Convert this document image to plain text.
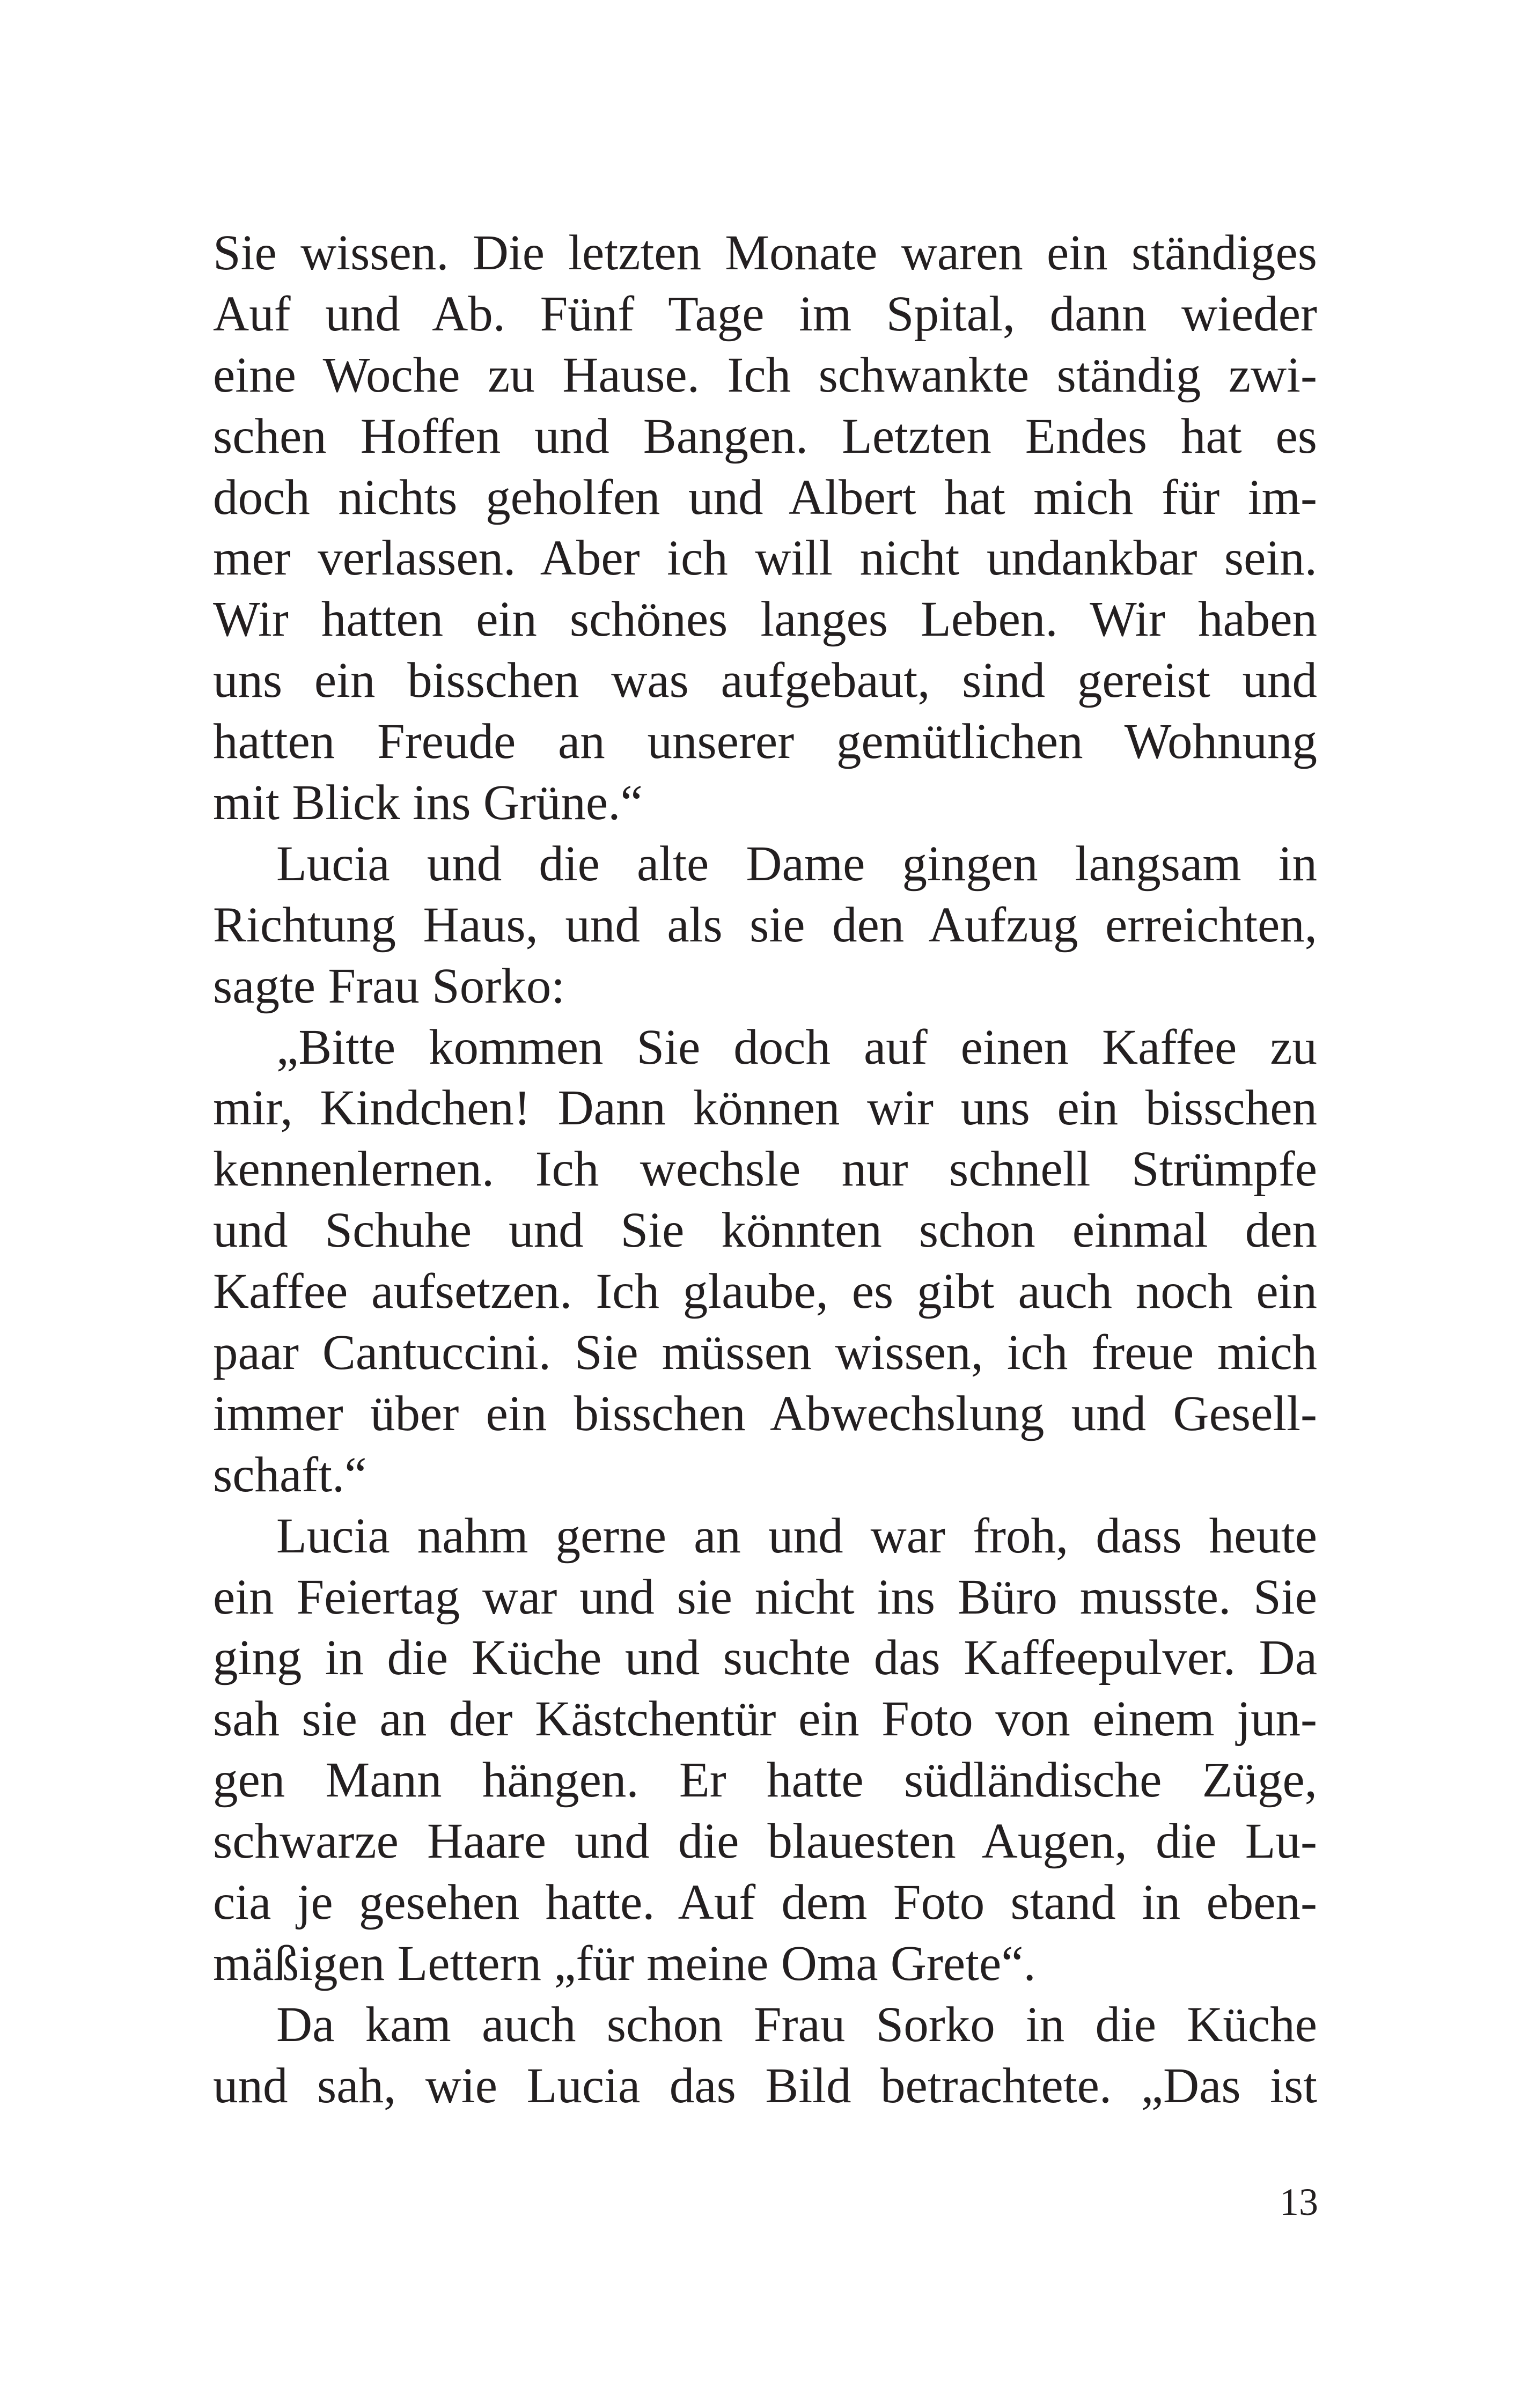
Sie wissen. Die letzten Monate waren ein ständiges
Auf und Ab. Fünf Tage im Spital, dann wieder
eine Woche zu Hause. Ich schwankte ständig zwi-
schen Hoffen und Bangen. Letzten Endes hat es
doch nichts geholfen und Albert hat mich für im-
mer verlassen. Aber ich will nicht undankbar sein.
Wir hatten ein schönes langes Leben. Wir haben
uns ein bisschen was aufgebaut, sind gereist und
hatten Freude an unserer gemütlichen Wohnung
mit Blick ins Grüne.“
Lucia und die alte Dame gingen langsam in
Richtung Haus, und als sie den Aufzug erreichten,
sagte Frau Sorko:
„Bitte kommen Sie doch auf einen Kaffee zu
mir, Kindchen! Dann können wir uns ein bisschen
kennenlernen. Ich wechsle nur schnell Strümpfe
und Schuhe und Sie könnten schon einmal den
Kaffee aufsetzen. Ich glaube, es gibt auch noch ein
paar Cantuccini. Sie müssen wissen, ich freue mich
immer über ein bisschen Abwechslung und Gesell-
schaft.“
Lucia nahm gerne an und war froh, dass heute
ein Feiertag war und sie nicht ins Büro musste. Sie
ging in die Küche und suchte das Kaffeepulver. Da
sah sie an der Kästchentür ein Foto von einem jun-
gen Mann hängen. Er hatte südländische Züge,
schwarze Haare und die blauesten Augen, die Lu-
cia je gesehen hatte. Auf dem Foto stand in eben-
mäßigen Lettern „für meine Oma Grete“.
Da kam auch schon Frau Sorko in die Küche
und sah, wie Lucia das Bild betrachtete. „Das ist
13
